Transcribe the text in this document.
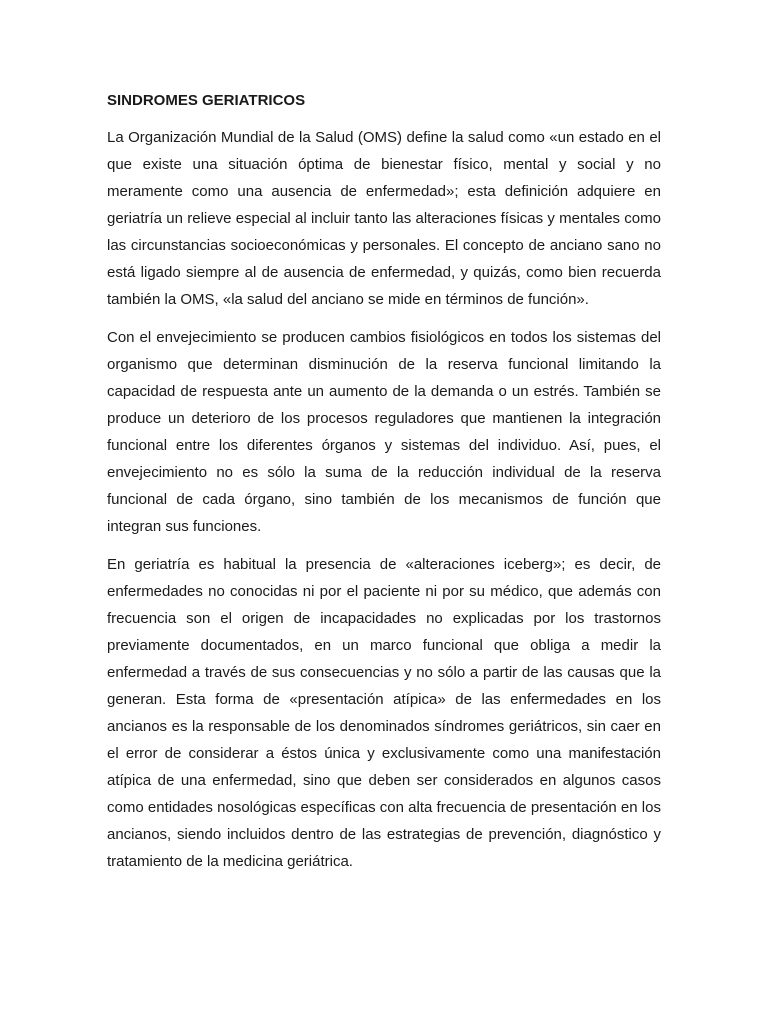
SINDROMES GERIATRICOS

La Organización Mundial de la Salud (OMS) define la salud como «un estado en el que existe una situación óptima de bienestar físico, mental y social y no meramente como una ausencia de enfermedad»; esta definición adquiere en geriatría un relieve especial al incluir tanto las alteraciones físicas y mentales como las circunstancias socioeconómicas y personales. El concepto de anciano sano no está ligado siempre al de ausencia de enfermedad, y quizás, como bien recuerda también la OMS, «la salud del anciano se mide en términos de función».

Con el envejecimiento se producen cambios fisiológicos en todos los sistemas del organismo que determinan disminución de la reserva funcional limitando la capacidad de respuesta ante un aumento de la demanda o un estrés. También se produce un deterioro de los procesos reguladores que mantienen la integración funcional entre los diferentes órganos y sistemas del individuo. Así, pues, el envejecimiento no es sólo la suma de la reducción individual de la reserva funcional de cada órgano, sino también de los mecanismos de función que integran sus funciones.

En geriatría es habitual la presencia de «alteraciones iceberg»; es decir, de enfermedades no conocidas ni por el paciente ni por su médico, que además con frecuencia son el origen de incapacidades no explicadas por los trastornos previamente documentados, en un marco funcional que obliga a medir la enfermedad a través de sus consecuencias y no sólo a partir de las causas que la generan. Esta forma de «presentación atípica» de las enfermedades en los ancianos es la responsable de los denominados síndromes geriátricos, sin caer en el error de considerar a éstos única y exclusivamente como una manifestación atípica de una enfermedad, sino que deben ser considerados en algunos casos como entidades nosológicas específicas con alta frecuencia de presentación en los ancianos, siendo incluidos dentro de las estrategias de prevención, diagnóstico y tratamiento de la medicina geriátrica.
